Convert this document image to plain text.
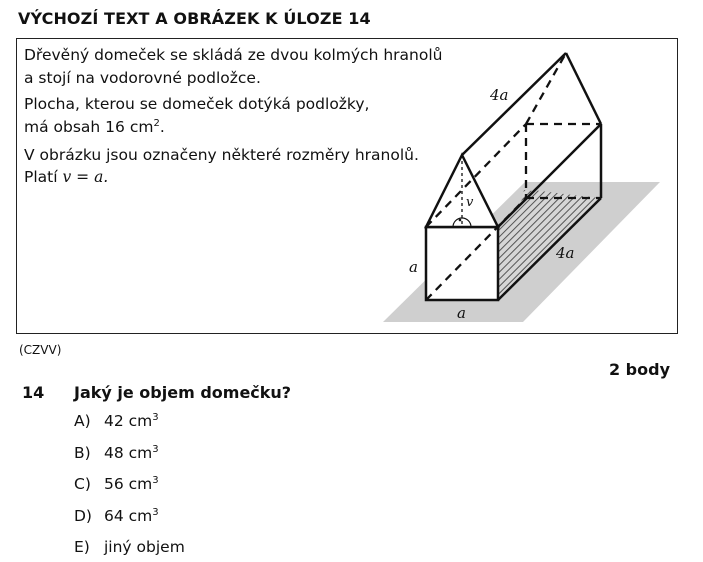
VÝCHOZÍ TEXT A OBRÁZEK K ÚLOZE 14
Dřevěný domeček se skládá ze dvou kolmých hranolů
a stojí na vodorovné podložce.
Plocha, kterou se domeček dotýká podložky,
má obsah 16 $cm^2$.
V obrázku jsou označeny některé rozměry hranolů.
Platí v = a.
4a
4a
a
a
v
(CZVV)
2 body
14 Jaký je objem domečku?
A) 42 $cm^3$
B) 48 $cm^3$
C) 56 $cm^3$
D) 64 $cm^3$
E) jiný objem
